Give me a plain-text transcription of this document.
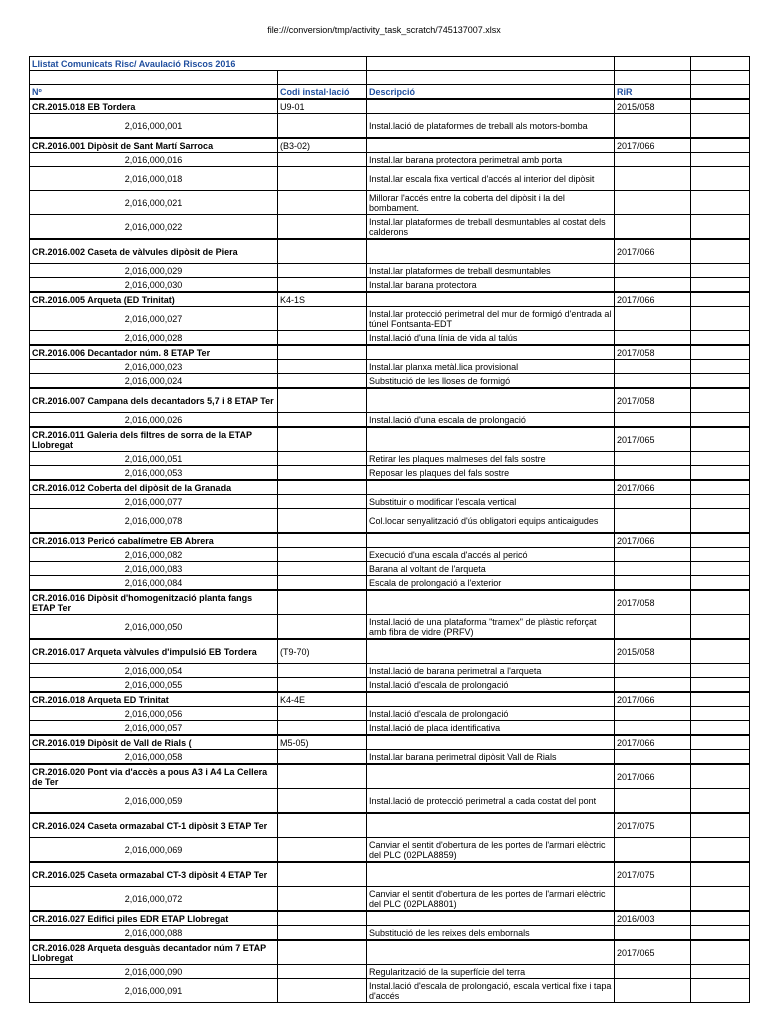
file:///conversion/tmp/activity_task_scratch/745137007.xlsx
Llistat Comunicats Risc/ Avaulació Riscos 2016				

Nº	Codi instal·lació	Descripció	RiR	
CR.2015.018 EB Tordera	U9-01		2015/058	
2,016,000,001		Instal.lació de plataformes de treball als motors-bomba		
CR.2016.001 Dipòsit de Sant Martí Sarroca	(B3-02)		2017/066	
2,016,000,016		Instal.lar barana protectora perimetral amb porta		
2,016,000,018		Instal.lar escala fixa vertical d'accés al interior del dipòsit		
2,016,000,021		Millorar l'accés entre la coberta del dipòsit i la del bombament.		
2,016,000,022		Instal.lar plataformes de treball desmuntables al costat dels calderons		
CR.2016.002 Caseta de vàlvules dipòsit de Piera			2017/066	
2,016,000,029		Instal.lar plataformes de treball desmuntables		
2,016,000,030		Instal.lar barana protectora		
CR.2016.005 Arqueta (ED Trinitat)	K4-1S		2017/066	
2,016,000,027		Instal.lar protecció perimetral del mur de formigó d'entrada al túnel Fontsanta-EDT		
2,016,000,028		Instal.lació d'una línia de vida al talús		
CR.2016.006 Decantador núm. 8 ETAP Ter			2017/058	
2,016,000,023		Instal.lar planxa metàl.lica provisional		
2,016,000,024		Substitució de les lloses de formigó		
CR.2016.007 Campana dels decantadors 5,7 i 8 ETAP Ter			2017/058	
2,016,000,026		Instal.lació d'una escala de prolongació		
CR.2016.011 Galeria dels filtres de sorra de la ETAP Llobregat			2017/065	
2,016,000,051		Retirar les plaques malmeses del fals sostre		
2,016,000,053		Reposar les plaques del fals sostre		
CR.2016.012 Coberta del dipòsit de la Granada			2017/066	
2,016,000,077		Substituir o modificar l'escala vertical		
2,016,000,078		Col.locar senyalització d'ús obligatori equips anticaigudes		
CR.2016.013 Pericó cabalímetre EB Abrera			2017/066	
2,016,000,082		Execució d'una escala d'accés al pericó		
2,016,000,083		Barana al voltant de l'arqueta		
2,016,000,084		Escala de prolongació a l'exterior		
CR.2016.016 Dipòsit d'homogenització planta fangs ETAP Ter			2017/058	
2,016,000,050		Instal.lació de una plataforma "tramex" de plàstic reforçat amb fibra de vidre (PRFV)		
CR.2016.017 Arqueta vàlvules d'impulsió EB Tordera	(T9-70)		2015/058	
2,016,000,054		Instal.lació de barana perimetral a l'arqueta		
2,016,000,055		Instal.lació d'escala de prolongació		
CR.2016.018 Arqueta ED Trinitat	K4-4E		2017/066	
2,016,000,056		Instal.lació d'escala de prolongació		
2,016,000,057		Instal.lació de placa identificativa		
CR.2016.019 Dipòsit de Vall de Rials (	M5-05)		2017/066	
2,016,000,058		Instal.lar barana perimetral dipòsit Vall de Rials		
CR.2016.020 Pont via d'accès a pous A3 i A4 La Cellera de Ter			2017/066	
2,016,000,059		Instal.lació de protecció perimetral a cada costat del pont		
CR.2016.024 Caseta ormazabal CT-1 dipòsit 3 ETAP Ter			2017/075	
2,016,000,069		Canviar el sentit d'obertura de les portes de l'armari elèctric del PLC (02PLA8859)		
CR.2016.025 Caseta ormazabal CT-3 dipòsit 4 ETAP Ter			2017/075	
2,016,000,072		Canviar el sentit d'obertura de les portes de l'armari elèctric del PLC (02PLA8801)		
CR.2016.027 Edifici piles EDR ETAP Llobregat			2016/003	
2,016,000,088		Substitució de les reixes dels embornals		
CR.2016.028 Arqueta desguàs decantador núm 7 ETAP Llobregat			2017/065	
2,016,000,090		Regularització de la superfície del terra		
2,016,000,091		Instal.lació d'escala de prolongació, escala vertical fixe i tapa d'accés		
